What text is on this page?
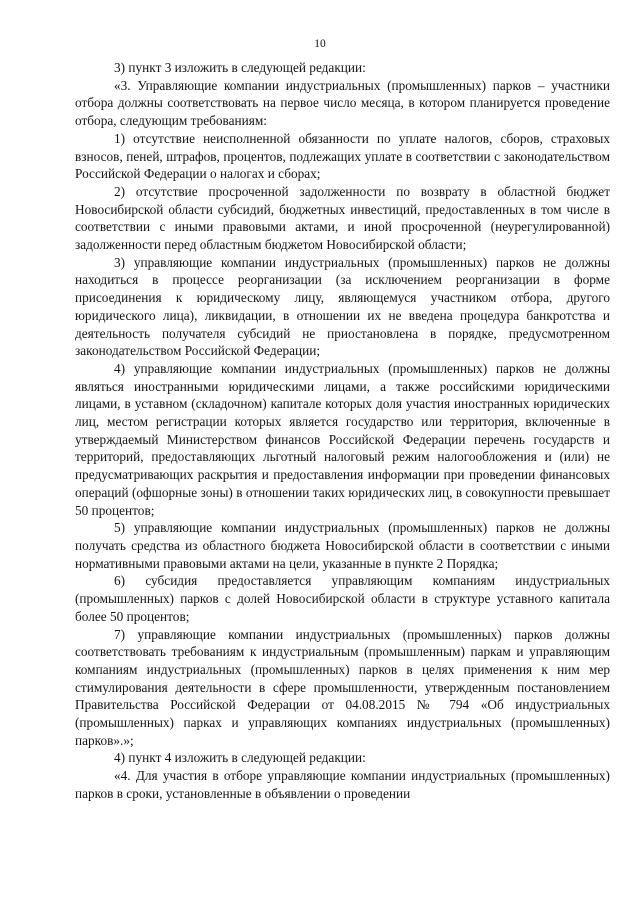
10

3) пункт 3 изложить в следующей редакции:

«3. Управляющие компании индустриальных (промышленных) парков – участники отбора должны соответствовать на первое число месяца, в котором планируется проведение отбора, следующим требованиям:

1) отсутствие неисполненной обязанности по уплате налогов, сборов, страховых взносов, пеней, штрафов, процентов, подлежащих уплате в соответствии с законодательством Российской Федерации о налогах и сборах;

2) отсутствие просроченной задолженности по возврату в областной бюджет Новосибирской области субсидий, бюджетных инвестиций, предоставленных в том числе в соответствии с иными правовыми актами, и иной просроченной (неурегулированной) задолженности перед областным бюджетом Новосибирской области;

3) управляющие компании индустриальных (промышленных) парков не должны находиться в процессе реорганизации (за исключением реорганизации в форме присоединения к юридическому лицу, являющемуся участником отбора, другого юридического лица), ликвидации, в отношении их не введена процедура банкротства и деятельность получателя субсидий не приостановлена в порядке, предусмотренном законодательством Российской Федерации;

4) управляющие компании индустриальных (промышленных) парков не должны являться иностранными юридическими лицами, а также российскими юридическими лицами, в уставном (складочном) капитале которых доля участия иностранных юридических лиц, местом регистрации которых является государство или территория, включенные в утверждаемый Министерством финансов Российской Федерации перечень государств и территорий, предоставляющих льготный налоговый режим налогообложения и (или) не предусматривающих раскрытия и предоставления информации при проведении финансовых операций (офшорные зоны) в отношении таких юридических лиц, в совокупности превышает 50 процентов;

5) управляющие компании индустриальных (промышленных) парков не должны получать средства из областного бюджета Новосибирской области в соответствии с иными нормативными правовыми актами на цели, указанные в пункте 2 Порядка;

6) субсидия предоставляется управляющим компаниям индустриальных (промышленных) парков с долей Новосибирской области в структуре уставного капитала более 50 процентов;

7) управляющие компании индустриальных (промышленных) парков должны соответствовать требованиям к индустриальным (промышленным) паркам и управляющим компаниям индустриальных (промышленных) парков в целях применения к ним мер стимулирования деятельности в сфере промышленности, утвержденным постановлением Правительства Российской Федерации от 04.08.2015 № 794 «Об индустриальных (промышленных) парках и управляющих компаниях индустриальных (промышленных) парков».»;

4) пункт 4 изложить в следующей редакции:

«4. Для участия в отборе управляющие компании индустриальных (промышленных) парков в сроки, установленные в объявлении о проведении
